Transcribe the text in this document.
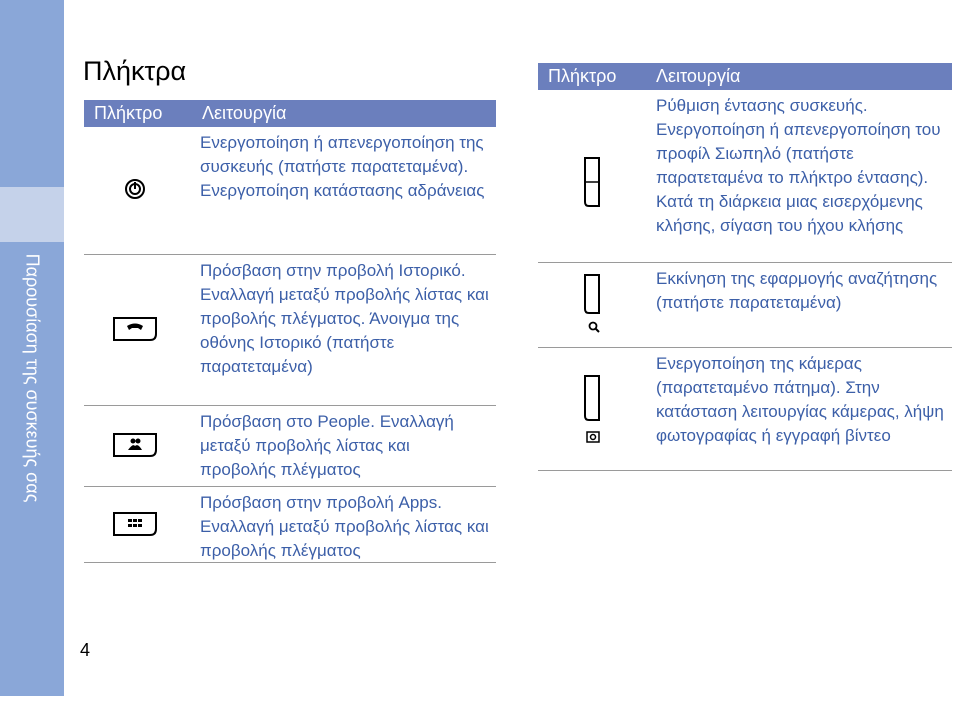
Παρουσίαση της συσκευής σας
Πλήκτρα
Πλήκτρο Λειτουργία
Ενεργοποίηση ή απενεργοποίηση της συσκευής (πατήστε παρατεταμένα). Ενεργοποίηση κατάστασης αδράνειας
Πρόσβαση στην προβολή Ιστορικό. Εναλλαγή μεταξύ προβολής λίστας και προβολής πλέγματος. Άνοιγμα της οθόνης Ιστορικό (πατήστε παρατεταμένα)
Πρόσβαση στο People. Εναλλαγή μεταξύ προβολής λίστας και προβολής πλέγματος
Πρόσβαση στην προβολή Apps. Εναλλαγή μεταξύ προβολής λίστας και προβολής πλέγματος
Πλήκτρο Λειτουργία
Ρύθμιση έντασης συσκευής. Ενεργοποίηση ή απενεργοποίηση του προφίλ Σιωπηλό (πατήστε παρατεταμένα το πλήκτρο έντασης). Κατά τη διάρκεια μιας εισερχόμενης κλήσης, σίγαση του ήχου κλήσης
Εκκίνηση της εφαρμογής αναζήτησης (πατήστε παρατεταμένα)
Ενεργοποίηση της κάμερας (παρατεταμένο πάτημα). Στην κατάσταση λειτουργίας κάμερας, λήψη φωτογραφίας ή εγγραφή βίντεο
4
